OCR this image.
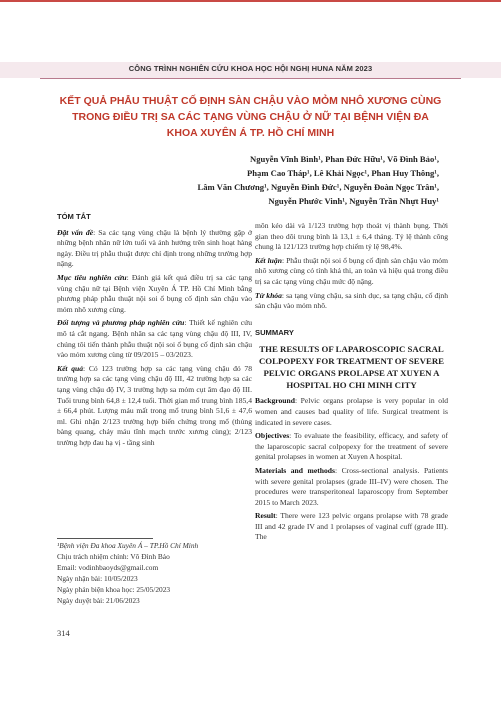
CÔNG TRÌNH NGHIÊN CỨU KHOA HỌC HỘI NGHỊ HUNA NĂM 2023
KẾT QUẢ PHẪU THUẬT CỐ ĐỊNH SÀN CHẬU VÀO MỎM NHÔ XƯƠNG CÙNG TRONG ĐIỀU TRỊ SA CÁC TẠNG VÙNG CHẬU Ở NỮ TẠI BỆNH VIỆN ĐA KHOA XUYÊN Á TP. HỒ CHÍ MINH
Nguyễn Vĩnh Bình¹, Phan Đức Hữu¹, Võ Đình Bảo¹,
Phạm Cao Tháp¹, Lê Khải Ngọc¹, Phan Huy Thông¹,
Lâm Văn Chương¹, Nguyễn Đình Đức¹, Nguyễn Đoàn Ngọc Trân¹,
Nguyễn Phước Vinh¹, Nguyễn Trần Nhựt Huy¹
TÓM TẮT

Đặt vấn đề: Sa các tạng vùng chậu là bệnh lý thường gặp ở những bệnh nhân nữ lớn tuổi và ảnh hưởng trên sinh hoạt hàng ngày. Điều trị phẫu thuật được chỉ định trong những trường hợp nặng.

Mục tiêu nghiên cứu: Đánh giá kết quả điều trị sa các tạng vùng chậu nữ tại Bệnh viện Xuyên Á TP. Hồ Chí Minh bằng phương pháp phẫu thuật nội soi ổ bụng cố định sàn chậu vào mỏm nhô xương cùng.

Đối tượng và phương pháp nghiên cứu: Thiết kế nghiên cứu mô tả cắt ngang. Bệnh nhân sa các tạng vùng chậu độ III, IV, chúng tôi tiến thành phẫu thuật nội soi ổ bụng cố định sàn chậu vào mỏm xương cùng từ 09/2015 – 03/2023.

Kết quả: Có 123 trường hợp sa các tạng vùng chậu đó 78 trường hợp sa các tạng vùng chậu độ III, 42 trường hợp sa các tạng vùng chậu độ IV, 3 trường hợp sa mỏm cụt âm đạo độ III. Tuổi trung bình 64,8 ± 12,4 tuổi. Thời gian mổ trung bình 185,4 ± 66,4 phút. Lượng máu mất trong mổ trung bình 51,6 ± 47,6 ml. Ghi nhận 2/123 trường hợp biến chứng trong mổ (thủng bàng quang, chảy máu tĩnh mạch trước xương cùng); 2/123 trường hợp đau hạ vị - tầng sinh

¹Bệnh viện Đa khoa Xuyên Á – TP.Hồ Chí Minh
Chịu trách nhiệm chính: Võ Đình Bảo
Email: vodinhbaoyds@gmail.com
Ngày nhận bài: 10/05/2023
Ngày phản biện khoa học: 25/05/2023
Ngày duyệt bài: 21/06/2023

môn kéo dài và 1/123 trường hợp thoát vị thành bụng. Thời gian theo dõi trung bình là 13,1 ± 6,4 tháng. Tỷ lệ thành công chung là 121/123 trường hợp chiếm tỷ lệ 98,4%.

Kết luận: Phẫu thuật nội soi ổ bụng cố định sàn chậu vào mỏm nhô xương cùng có tính khả thi, an toàn và hiệu quả trong điều trị sa các tạng vùng chậu mức độ nặng.

Từ khóa: sa tạng vùng chậu, sa sinh dục, sa tạng chậu, cố định sàn chậu vào mỏm nhô.

SUMMARY
THE RESULTS OF LAPAROSCOPIC SACRAL COLPOPEXY FOR TREATMENT OF SEVERE PELVIC ORGANS PROLAPSE AT XUYEN A HOSPITAL HO CHI MINH CITY

Background: Pelvic organs prolapse is very popular in old women and causes bad quality of life. Surgical treatment is indicated in severe cases.

Objectives: To evaluate the feasibility, efficacy, and safety of the laparoscopic sacral colpopexy for the treatment of severe genital prolapses in women at Xuyen A hospital.

Materials and methods: Cross-sectional analysis. Patients with severe genital prolapses (grade III–IV) were chosen. The procedures were transperitoneal laparoscopy from September 2015 to March 2023.

Result: There were 123 pelvic organs prolapse with 78 grade III and 42 grade IV and 1 prolapses of vaginal cuff (grade III). The

314
